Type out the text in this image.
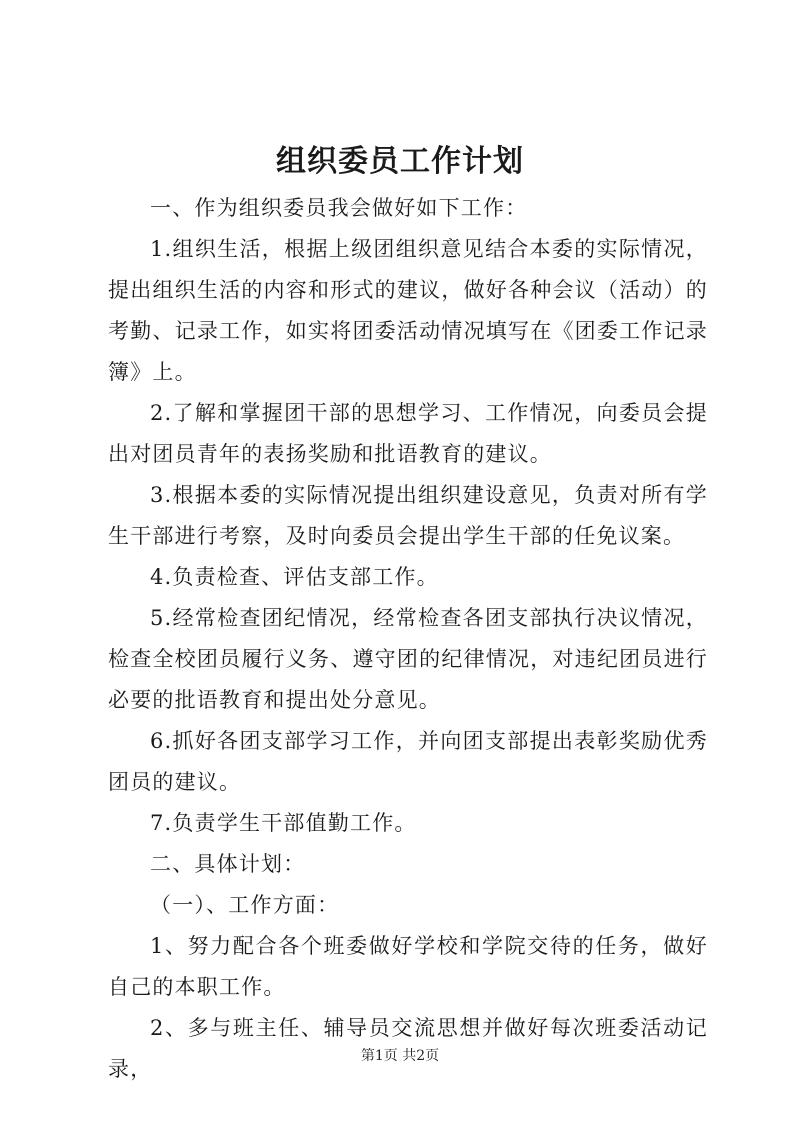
组织委员工作计划

一、作为组织委员我会做好如下工作：

1.组织生活，根据上级团组织意见结合本委的实际情况，提出组织生活的内容和形式的建议，做好各种会议（活动）的考勤、记录工作，如实将团委活动情况填写在《团委工作记录簿》上。

2.了解和掌握团干部的思想学习、工作情况，向委员会提出对团员青年的表扬奖励和批语教育的建议。

3.根据本委的实际情况提出组织建设意见，负责对所有学生干部进行考察，及时向委员会提出学生干部的任免议案。

4.负责检查、评估支部工作。

5.经常检查团纪情况，经常检查各团支部执行决议情况，检查全校团员履行义务、遵守团的纪律情况，对违纪团员进行必要的批语教育和提出处分意见。

6.抓好各团支部学习工作，并向团支部提出表彰奖励优秀团员的建议。

7.负责学生干部值勤工作。

二、具体计划：

（一）、工作方面：

1、努力配合各个班委做好学校和学院交待的任务，做好自己的本职工作。

2、多与班主任、辅导员交流思想并做好每次班委活动记录，

第1页 共2页
